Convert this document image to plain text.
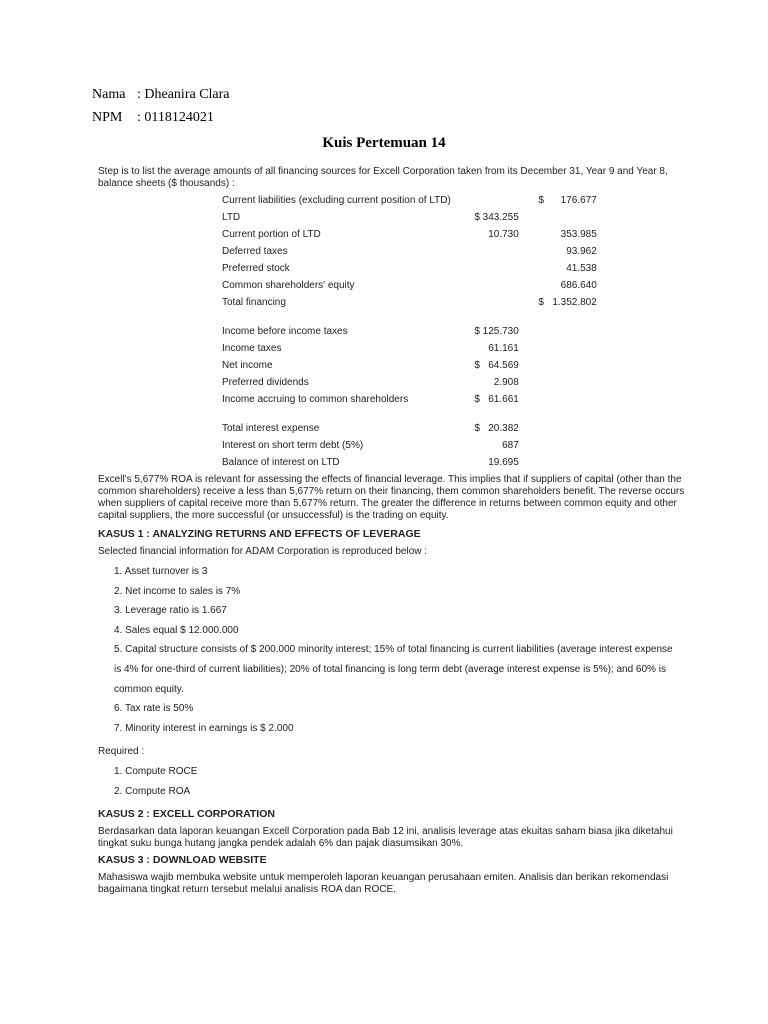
Nama : Dheanira Clara
NPM : 0118124021
Kuis Pertemuan 14
Step is to list the average amounts of all financing sources for Excell Corporation taken from its December 31, Year 9 and Year 8, balance sheets ($ thousands) :
Current liabilities (excluding current position of LTD)		$      176.677
LTD	$ 343.255	
Current portion of LTD	10.730	353.985
Deferred taxes		93.962
Preferred stock		41.538
Common shareholders' equity		686.640
Total financing		$   1.352.802

Income before income taxes	$ 125.730	
Income taxes	61.161	
Net income	$   64.569	
Preferred dividends	2.908	
Income accruing to common shareholders	$   61.661	

Total interest expense	$   20.382	
Interest on short term debt (5%)	687	
Balance of interest on LTD	19.695	
Excell's 5,677% ROA is relevant for assessing the effects of financial leverage. This implies that if suppliers of capital (other than the common shareholders) receive a less than 5,677% return on their financing, them common shareholders benefit. The reverse occurs when suppliers of capital receive more than 5,677% return. The greater the difference in returns between common equity and other capital suppliers, the more successful (or unsuccessful) is the trading on equity.
KASUS 1 : ANALYZING RETURNS AND EFFECTS OF LEVERAGE
Selected financial information for ADAM Corporation is reproduced below :
1. Asset turnover is 3
2. Net income to sales is 7%
3. Leverage ratio is 1.667
4. Sales equal $ 12.000.000
5. Capital structure consists of $ 200.000 minority interest; 15% of total financing is current liabilities (average interest expense is 4% for one-third of current liabilities); 20% of total financing is long term debt (average interest expense is 5%); and 60% is common equity.
6. Tax rate is 50%
7. Minority interest in earnings is $ 2.000
Required :
1. Compute ROCE
2. Compute ROA
KASUS 2 : EXCELL CORPORATION
Berdasarkan data laporan keuangan Excell Corporation pada Bab 12 ini, analisis leverage atas ekuitas saham biasa jika diketahui tingkat suku bunga hutang jangka pendek adalah 6% dan pajak diasumsikan 30%.
KASUS 3 : DOWNLOAD WEBSITE
Mahasiswa wajib membuka website untuk memperoleh laporan keuangan perusahaan emiten. Analisis dan berikan rekomendasi bagaimana tingkat return tersebut melalui analisis ROA dan ROCE.
